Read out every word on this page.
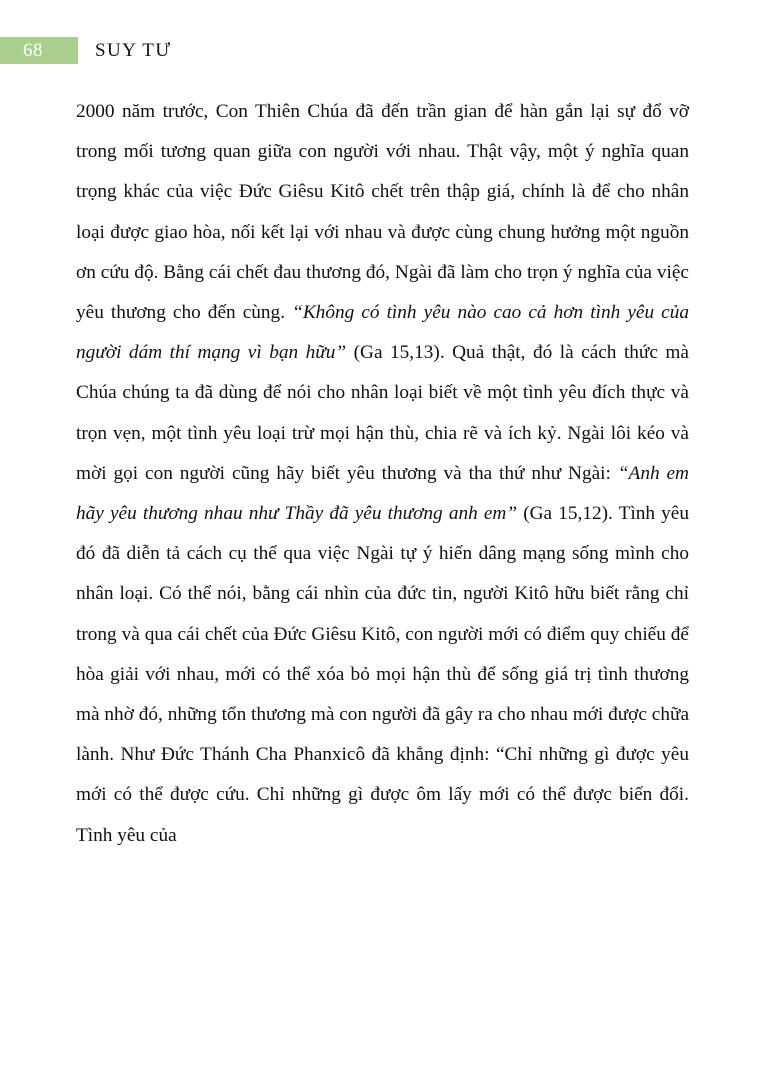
68	SUY TƯ

2000 năm trước, Con Thiên Chúa đã đến trần gian để hàn gắn lại sự đổ vỡ trong mối tương quan giữa con người với nhau. Thật vậy, một ý nghĩa quan trọng khác của việc Đức Giêsu Kitô chết trên thập giá, chính là để cho nhân loại được giao hòa, nối kết lại với nhau và được cùng chung hưởng một nguồn ơn cứu độ. Bằng cái chết đau thương đó, Ngài đã làm cho trọn ý nghĩa của việc yêu thương cho đến cùng. “Không có tình yêu nào cao cả hơn tình yêu của người dám thí mạng vì bạn hữu” (Ga 15,13). Quả thật, đó là cách thức mà Chúa chúng ta đã dùng để nói cho nhân loại biết về một tình yêu đích thực và trọn vẹn, một tình yêu loại trừ mọi hận thù, chia rẽ và ích kỷ. Ngài lôi kéo và mời gọi con người cũng hãy biết yêu thương và tha thứ như Ngài: “Anh em hãy yêu thương nhau như Thầy đã yêu thương anh em” (Ga 15,12). Tình yêu đó đã diễn tả cách cụ thể qua việc Ngài tự ý hiến dâng mạng sống mình cho nhân loại. Có thể nói, bằng cái nhìn của đức tin, người Kitô hữu biết rằng chỉ trong và qua cái chết của Đức Giêsu Kitô, con người mới có điểm quy chiếu để hòa giải với nhau, mới có thể xóa bỏ mọi hận thù để sống giá trị tình thương mà nhờ đó, những tổn thương mà con người đã gây ra cho nhau mới được chữa lành. Như Đức Thánh Cha Phanxicô đã khẳng định: “Chỉ những gì được yêu mới có thể được cứu. Chỉ những gì được ôm lấy mới có thể được biến đổi. Tình yêu của
